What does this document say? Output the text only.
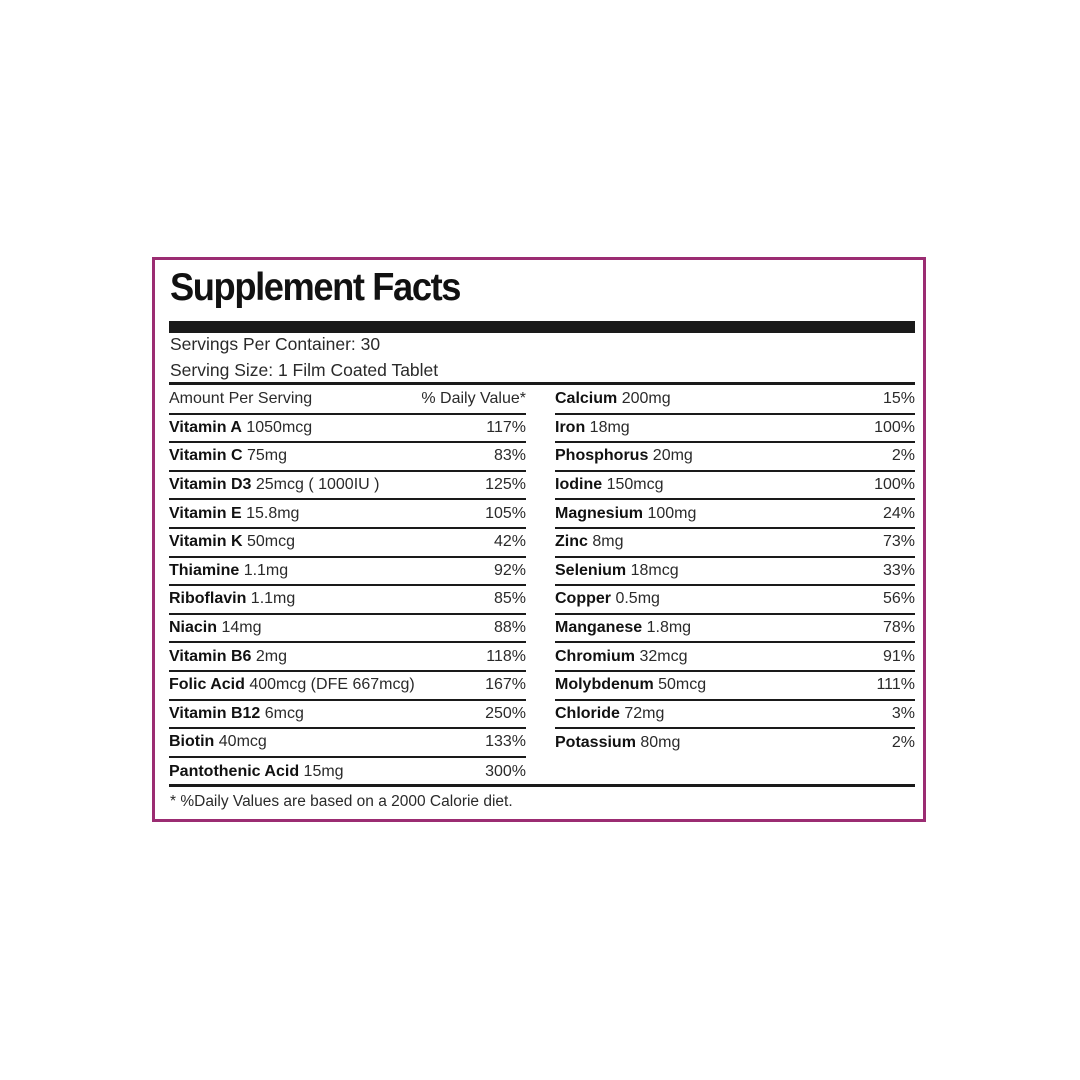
Supplement Facts
Servings Per Container: 30
Serving Size: 1 Film Coated Tablet
Amount Per Serving	% Daily Value*
Vitamin A 1050mcg	117%
Vitamin C 75mg	83%
Vitamin D3 25mcg ( 1000IU )	125%
Vitamin E 15.8mg	105%
Vitamin K 50mcg	42%
Thiamine 1.1mg	92%
Riboflavin 1.1mg	85%
Niacin 14mg	88%
Vitamin B6 2mg	118%
Folic Acid 400mcg (DFE 667mcg)	167%
Vitamin B12 6mcg	250%
Biotin 40mcg	133%
Pantothenic Acid 15mg	300%
Calcium 200mg	15%
Iron 18mg	100%
Phosphorus 20mg	2%
Iodine 150mcg	100%
Magnesium 100mg	24%
Zinc 8mg	73%
Selenium 18mcg	33%
Copper 0.5mg	56%
Manganese 1.8mg	78%
Chromium 32mcg	91%
Molybdenum 50mcg	111%
Chloride 72mg	3%
Potassium 80mg	2%
* %Daily Values are based on a 2000 Calorie diet.
